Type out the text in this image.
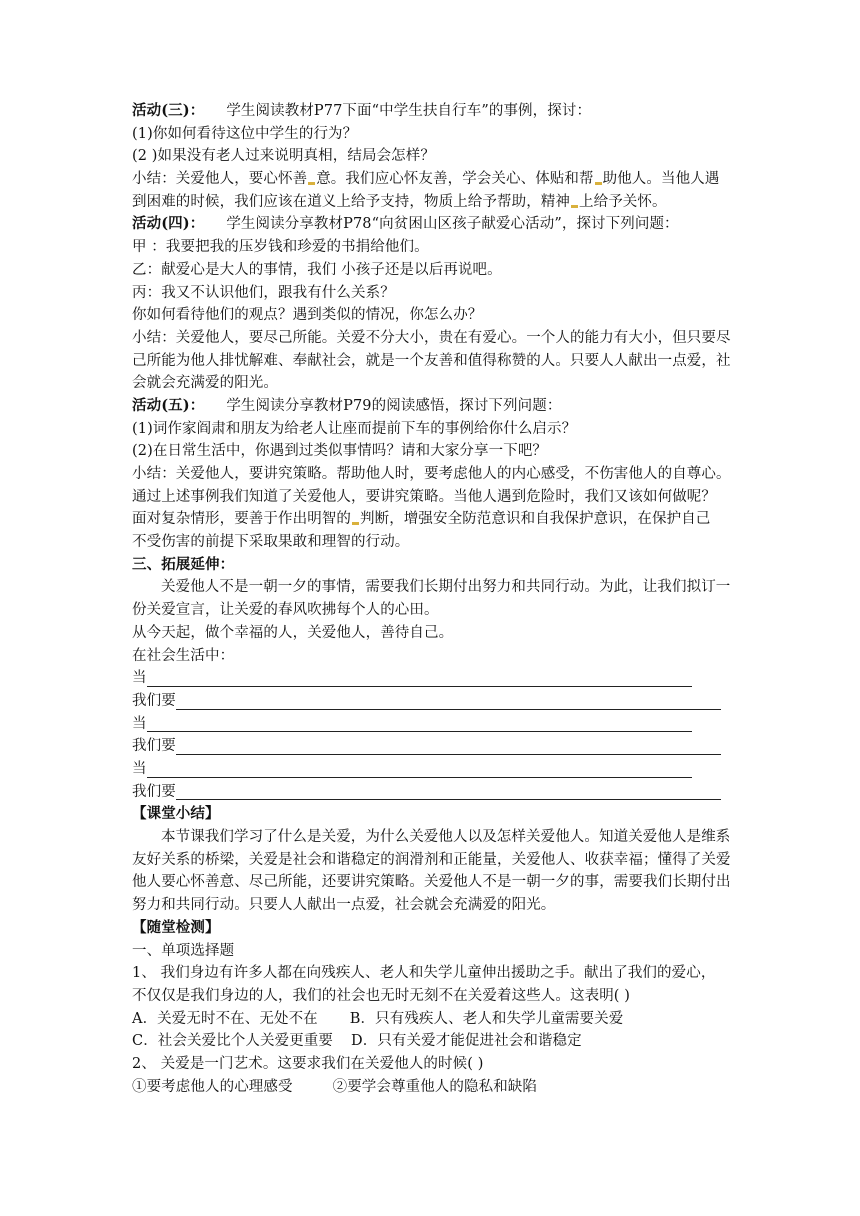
活动(三)： 学生阅读教材P77下面“中学生扶自行车”的事例，探讨：
(1)你如何看待这位中学生的行为？
(2 )如果没有老人过来说明真相，结局会怎样？
小结：关爱他人，要心怀善 意。我们应心怀友善，学会关心、体贴和帮 助他人。当他人遇
到困难的时候，我们应该在道义上给予支持，物质上给予帮助，精神 上给予关怀。
活动(四)： 学生阅读分享教材P78“向贫困山区孩子献爱心活动”，探讨下列问题：
甲 ：我要把我的压岁钱和珍爱的书捐给他们。
乙：献爱心是大人的事情，我们 小孩子还是以后再说吧。
丙：我又不认识他们，跟我有什么关系？
你如何看待他们的观点？遇到类似的情况，你怎么办？
小结：关爱他人，要尽己所能。关爱不分大小，贵在有爱心。一个人的能力有大小，但只要尽己所能为他人排忧解难、奉献社会，就是一个友善和值得称赞的人。只要人人献出一点爱，社会就会充满爱的阳光。
活动(五)： 学生阅读分享教材P79的阅读感悟，探讨下列问题：
(1)词作家阎肃和朋友为给老人让座而提前下车的事例给你什么启示？
(2)在日常生活中，你遇到过类似事情吗？请和大家分享一下吧？
小结：关爱他人，要讲究策略。帮助他人时，要考虑他人的内心感受，不伤害他人的自尊心。
通过上述事例我们知道了关爱他人，要讲究策略。当他人遇到危险时，我们又该如何做呢？
面对复杂情形，要善于作出明智的 判断，增强安全防范意识和自我保护意识，在保护自己
不受伤害的前提下采取果敢和理智的行动。
三、拓展延伸：
关爱他人不是一朝一夕的事情，需要我们长期付出努力和共同行动。为此，让我们拟订一份关爱宣言，让关爱的春风吹拂每个人的心田。
从今天起，做个幸福的人，关爱他人，善待自己。
在社会生活中：
当
我们要
当
我们要
当
我们要
【课堂小结】
本节课我们学习了什么是关爱，为什么关爱他人以及怎样关爱他人。知道关爱他人是维系友好关系的桥梁，关爱是社会和谐稳定的润滑剂和正能量，关爱他人、收获幸福；懂得了关爱他人要心怀善意、尽己所能，还要讲究策略。关爱他人不是一朝一夕的事，需要我们长期付出努力和共同行动。只要人人献出一点爱，社会就会充满爱的阳光。
【随堂检测】
一、单项选择题
1、 我们身边有许多人都在向残疾人、老人和失学儿童伸出援助之手。献出了我们的爱心，
不仅仅是我们身边的人，我们的社会也无时无刻不在关爱着这些人。这表明( )
A．关爱无时不在、无处不在 B．只有残疾人、老人和失学儿童需要关爱
C．社会关爱比个人关爱更重要 D．只有关爱才能促进社会和谐稳定
2、 关爱是一门艺术。这要求我们在关爱他人的时候( )
①要考虑他人的心理感受	②要学会尊重他人的隐私和缺陷
